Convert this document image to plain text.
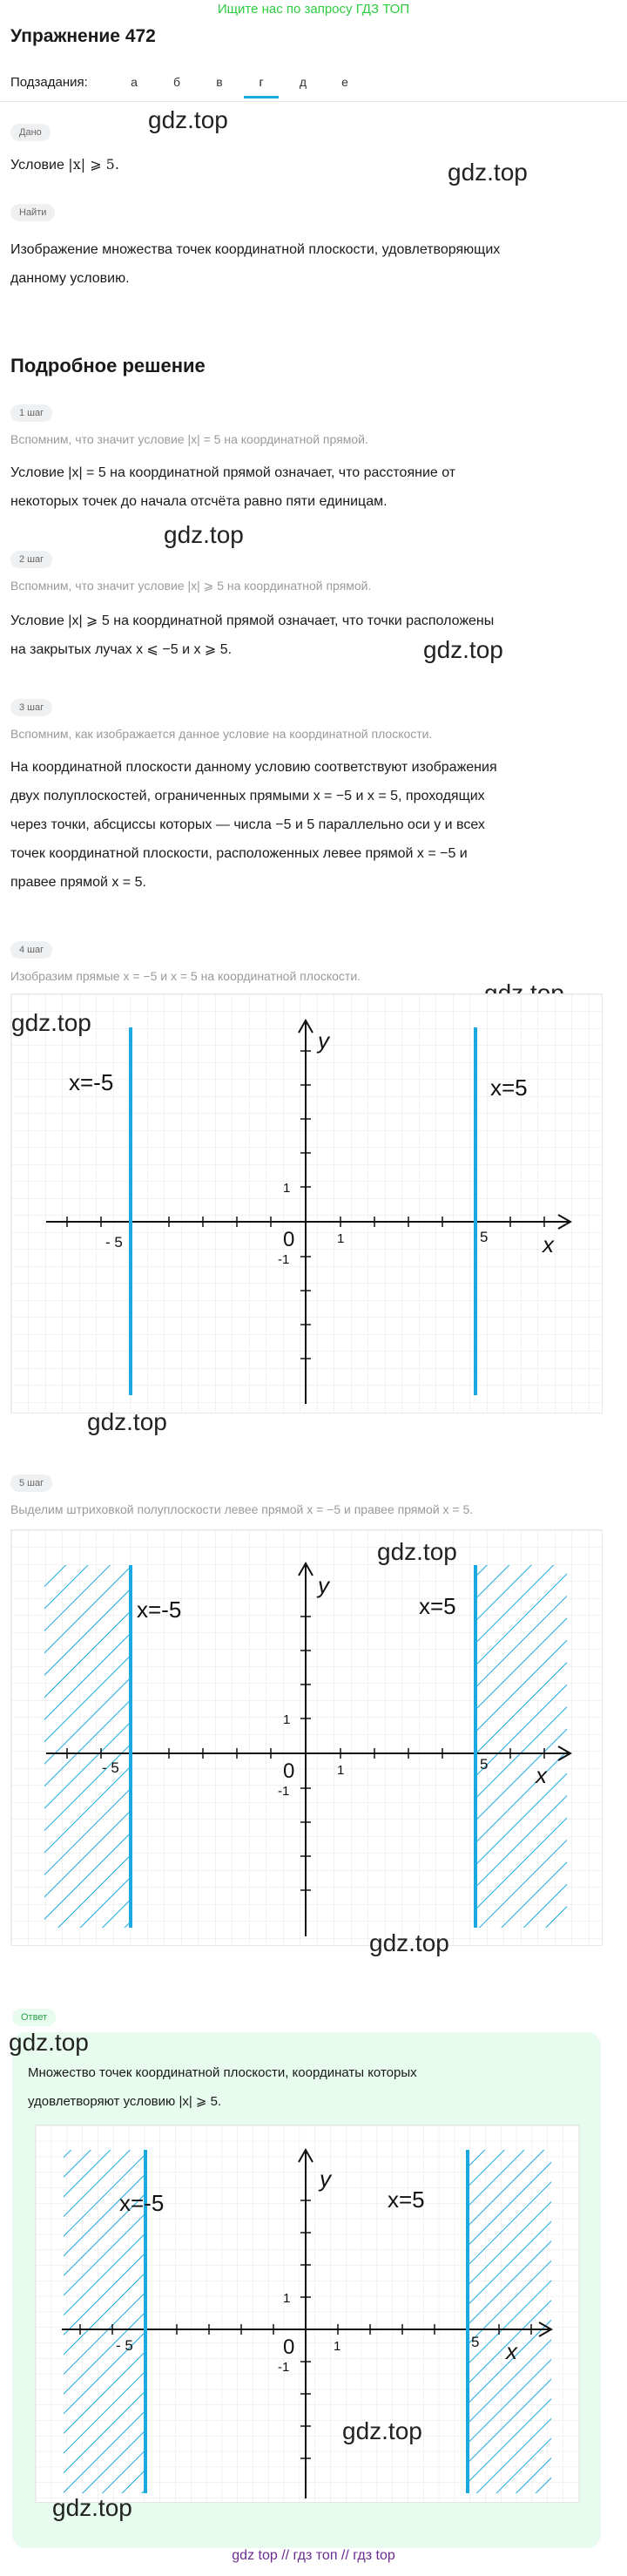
Ищите нас по запросу ГДЗ ТОП
Упражнение 472
Подзадания:	а	б	в	г	д	е
Дано	gdz.top
Условие |x| ⩾ 5.	gdz.top
Найти
Изображение множества точек координатной плоскости, удовлетворяющих
данному условию.
Подробное решение
1 шаг
Вспомним, что значит условие |x| = 5 на координатной прямой.
Условие |x| = 5 на координатной прямой означает, что расстояние от
некоторых точек до начала отсчёта равно пяти единицам.
gdz.top
2 шаг
Вспомним, что значит условие |x| ⩾ 5 на координатной прямой.
Условие |x| ⩾ 5 на координатной прямой означает, что точки расположены
на закрытых лучах x ⩽ −5 и x ⩾ 5.	gdz.top
3 шаг
Вспомним, как изображается данное условие на координатной плоскости.
На координатной плоскости данному условию соответствуют изображения
двух полуплоскостей, ограниченных прямыми x = −5 и x = 5, проходящих
через точки, абсциссы которых — числа −5 и 5 параллельно оси y и всех
точек координатной плоскости, расположенных левее прямой x = −5 и
правее прямой x = 5.
4 шаг
Изобразим прямые x = −5 и x = 5 на координатной плоскости.
gdz.top
x=-5	x=5
y
x
0	1
1
-1
- 5	5
gdz.top
5 шаг
Выделим штриховкой полуплоскости левее прямой x = −5 и правее прямой x = 5.
gdz.top
x=-5	x=5
y
x
0	1
1
-1
- 5	5
gdz.top
Ответ
gdz.top
Множество точек координатной плоскости, координаты которых
удовлетворяют условию |x| ⩾ 5.
x=-5	x=5
y
x
0	1
1
-1
- 5	5
gdz.top
gdz.top
gdz top // гдз топ // гдз top
